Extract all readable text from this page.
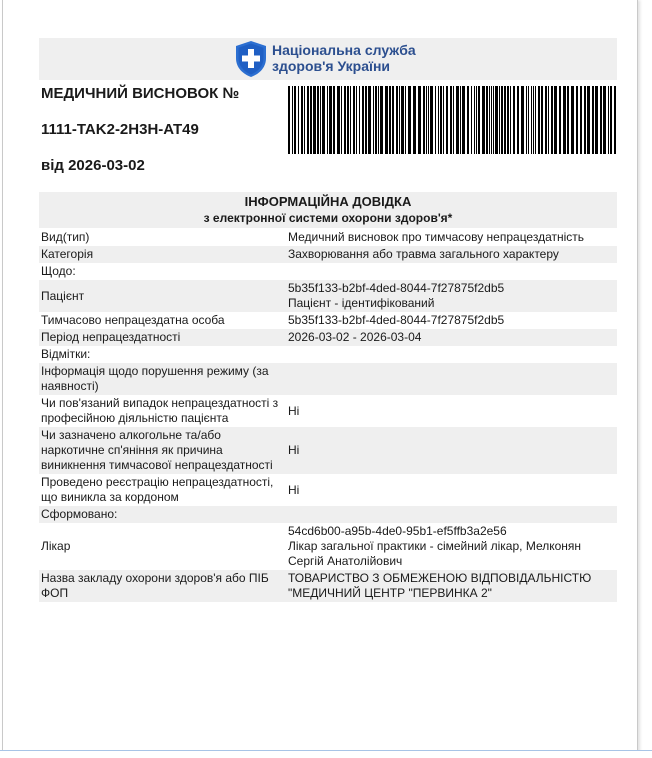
Національна служба
здоров'я України
МЕДИЧНИЙ ВИСНОВОК №
1111-TAK2-2H3H-AT49
від 2026-03-02
ІНФОРМАЦІЙНА ДОВІДКА
з електронної системи охорони здоров'я*
Вид(тип)	Медичний висновок про тимчасову непрацездатність
Категорія	Захворювання або травма загального характеру
Щодо:	
Пацієнт	5b35f133-b2bf-4ded-8044-7f27875f2db5
Пацієнт - ідентифікований
Тимчасово непрацездатна особа	5b35f133-b2bf-4ded-8044-7f27875f2db5
Період непрацездатності	2026-03-02 - 2026-03-04
Відмітки:	
Інформація щодо порушення режиму (за наявності)	
Чи пов'язаний випадок непрацездатності з професійною діяльністю пацієнта	Ні
Чи зазначено алкогольне та/або наркотичне сп'яніння як причина виникнення тимчасової непрацездатності	Ні
Проведено реєстрацію непрацездатності, що виникла за кордоном	Ні
Сформовано:	
Лікар	54cd6b00-a95b-4de0-95b1-ef5ffb3a2e56
Лікар загальної практики - сімейний лікар, Мелконян Сергій Анатолійович
Назва закладу охорони здоров'я або ПІБ ФОП	ТОВАРИСТВО З ОБМЕЖЕНОЮ ВІДПОВІДАЛЬНІСТЮ "МЕДИЧНИЙ ЦЕНТР "ПЕРВИНКА 2"
